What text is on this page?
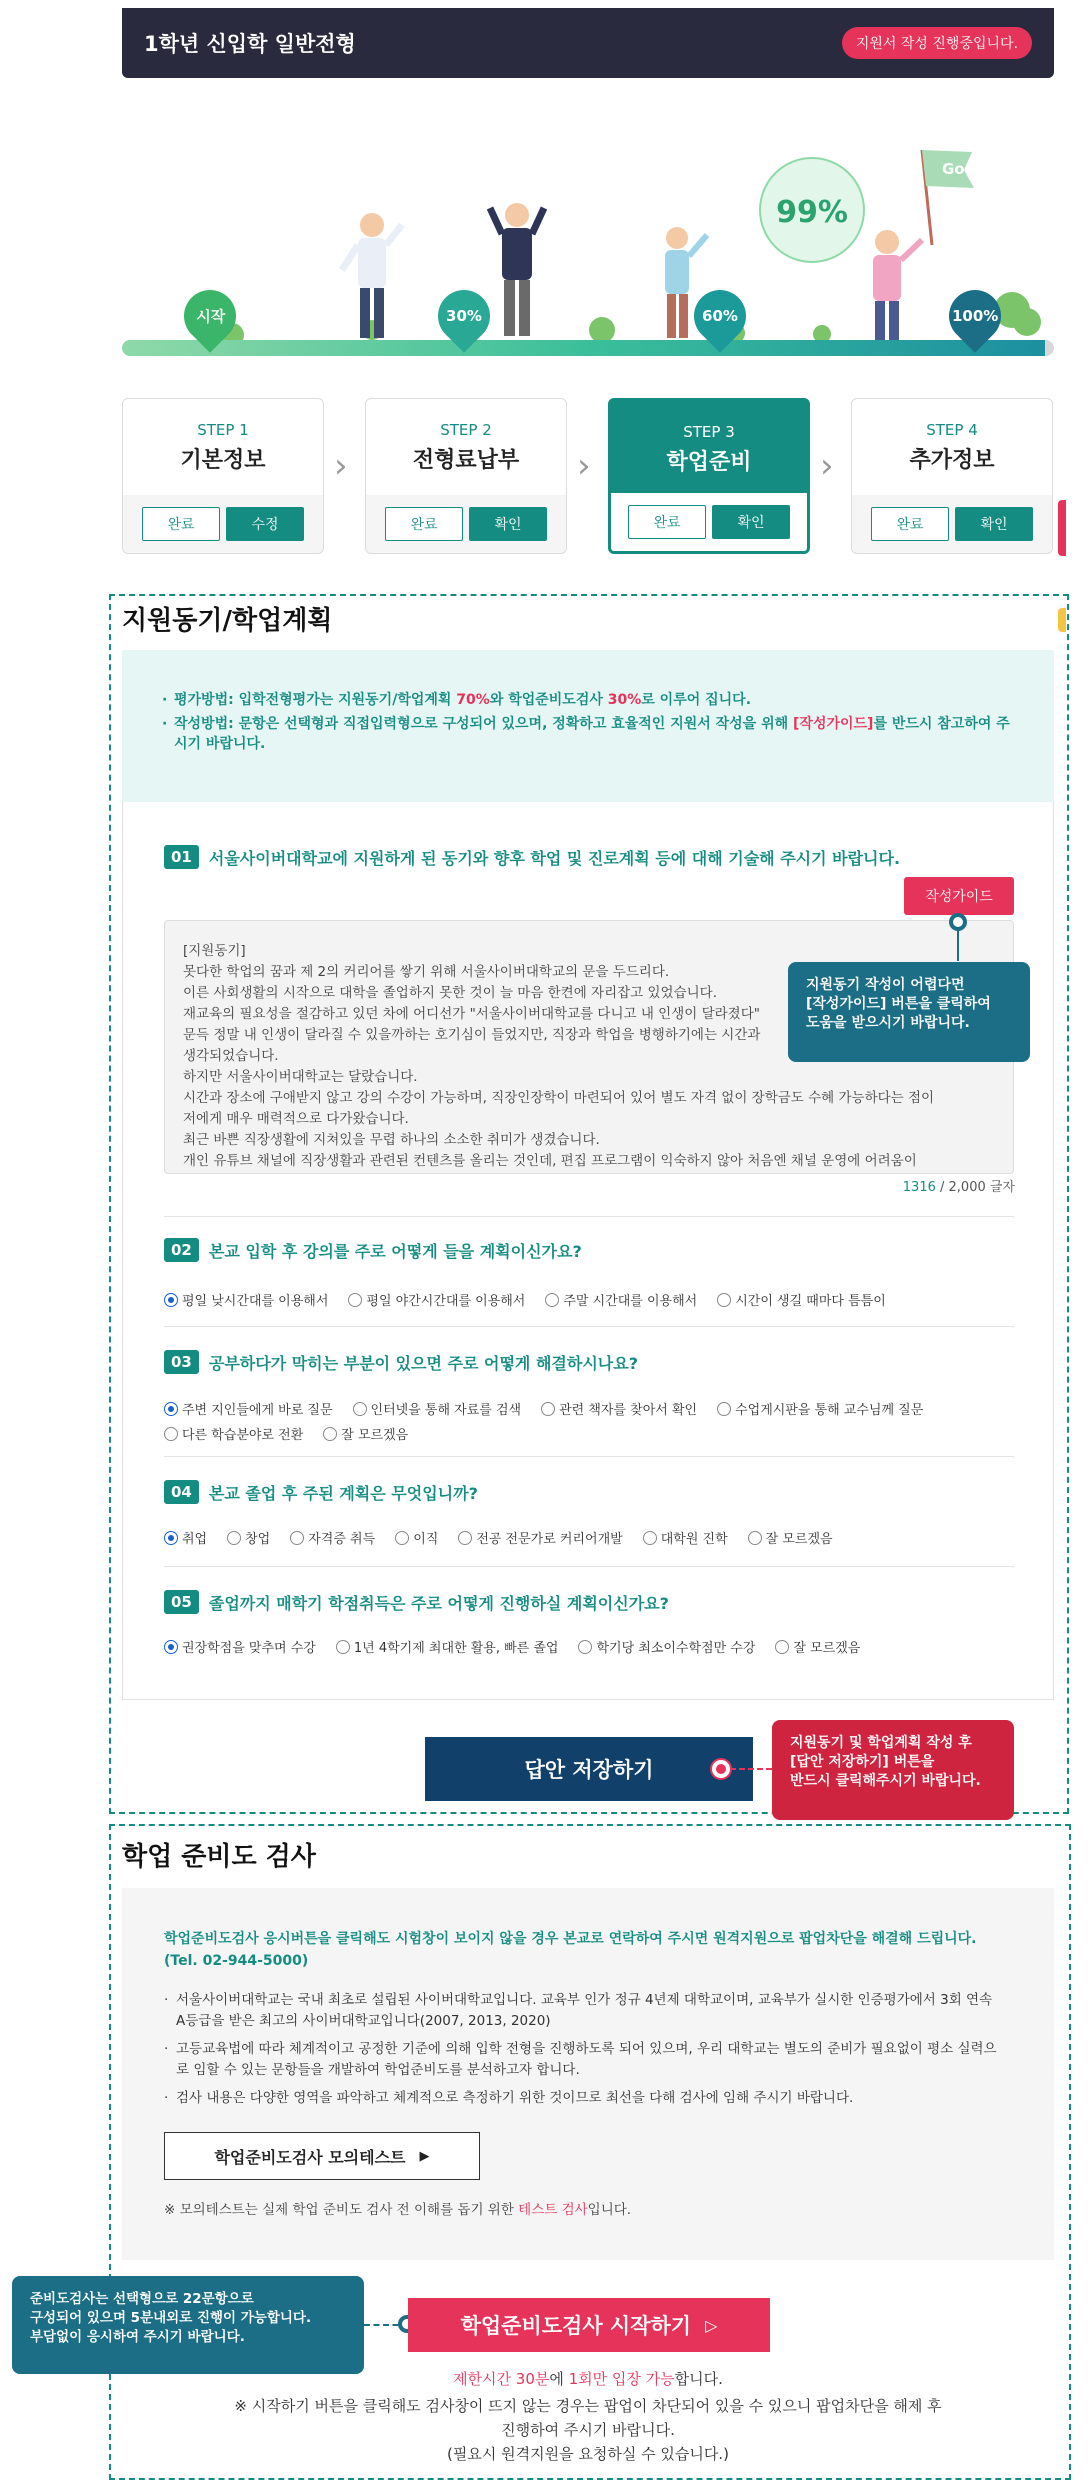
1학년 신입학 일반전형	지원서 작성 진행중입니다.
Go!
99%
시작	30%	60%	100%
STEP 1
기본정보
완료	수정
›
STEP 2
전형료납부
완료	확인
›
STEP 3
학업준비
완료	확인
›
STEP 4
추가정보
완료	확인
지원동기/학업계획
· 평가방법: 입학전형평가는 지원동기/학업계획 70%와 학업준비도검사 30%로 이루어 집니다.
· 작성방법: 문항은 선택형과 직접입력형으로 구성되어 있으며, 정확하고 효율적인 지원서 작성을 위해 [작성가이드]를 반드시 참고하여 주시기 바랍니다.
01	서울사이버대학교에 지원하게 된 동기와 향후 학업 및 진로계획 등에 대해 기술해 주시기 바랍니다.
작성가이드
[지원동기]
못다한 학업의 꿈과 제 2의 커리어를 쌓기 위해 서울사이버대학교의 문을 두드리다.
이른 사회생활의 시작으로 대학을 졸업하지 못한 것이 늘 마음 한켠에 자리잡고 있었습니다.
재교육의 필요성을 절감하고 있던 차에 어디선가 "서울사이버대학교를 다니고 내 인생이 달라졌다"
문득 정말 내 인생이 달라질 수 있을까하는 호기심이 들었지만, 직장과 학업을 병행하기에는 시간과
생각되었습니다.
하지만 서울사이버대학교는 달랐습니다.
시간과 장소에 구애받지 않고 강의 수강이 가능하며, 직장인장학이 마련되어 있어 별도 자격 없이 장학금도 수혜 가능하다는 점이
저에게 매우 매력적으로 다가왔습니다.
최근 바쁜 직장생활에 지쳐있을 무렵 하나의 소소한 취미가 생겼습니다.
개인 유튜브 채널에 직장생활과 관련된 컨텐츠를 올리는 것인데, 편집 프로그램이 익숙하지 않아 처음엔 채널 운영에 어려움이
지원동기 작성이 어렵다면
[작성가이드] 버튼을 클릭하여
도움을 받으시기 바랍니다.
1316 / 2,000 글자
02	본교 입학 후 강의를 주로 어떻게 들을 계획이신가요?
평일 낮시간대를 이용해서	평일 야간시간대를 이용해서	주말 시간대를 이용해서	시간이 생길 때마다 틈틈이
03	공부하다가 막히는 부분이 있으면 주로 어떻게 해결하시나요?
주변 지인들에게 바로 질문	인터넷을 통해 자료를 검색	관련 책자를 찾아서 확인	수업게시판을 통해 교수님께 질문
다른 학습분야로 전환	잘 모르겠음
04	본교 졸업 후 주된 계획은 무엇입니까?
취업	창업	자격증 취득	이직	전공 전문가로 커리어개발	대학원 진학	잘 모르겠음
05	졸업까지 매학기 학점취득은 주로 어떻게 진행하실 계획이신가요?
권장학점을 맞추며 수강	1년 4학기제 최대한 활용, 빠른 졸업	학기당 최소이수학점만 수강	잘 모르겠음
답안 저장하기
지원동기 및 학업계획 작성 후
[답안 저장하기] 버튼을
반드시 클릭해주시기 바랍니다.
학업 준비도 검사
학업준비도검사 응시버튼을 클릭해도 시험창이 보이지 않을 경우 본교로 연락하여 주시면 원격지원으로 팝업차단을 해결해 드립니다. (Tel. 02-944-5000)
· 서울사이버대학교는 국내 최초로 설립된 사이버대학교입니다. 교육부 인가 정규 4년제 대학교이며, 교육부가 실시한 인증평가에서 3회 연속 A등급을 받은 최고의 사이버대학교입니다(2007, 2013, 2020)
· 고등교육법에 따라 체계적이고 공정한 기준에 의해 입학 전형을 진행하도록 되어 있으며, 우리 대학교는 별도의 준비가 필요없이 평소 실력으로 임할 수 있는 문항들을 개발하여 학업준비도를 분석하고자 합니다.
· 검사 내용은 다양한 영역을 파악하고 체계적으로 측정하기 위한 것이므로 최선을 다해 검사에 임해 주시기 바랍니다.
학업준비도검사 모의테스트 ▶
※ 모의테스트는 실제 학업 준비도 검사 전 이해를 돕기 위한 테스트 검사입니다.
준비도검사는 선택형으로 22문항으로
구성되어 있으며 5분내외로 진행이 가능합니다.
부담없이 응시하여 주시기 바랍니다.	학업준비도검사 시작하기 ▷
제한시간 30분에 1회만 입장 가능합니다.
※ 시작하기 버튼을 클릭해도 검사창이 뜨지 않는 경우는 팝업이 차단되어 있을 수 있으니 팝업차단을 해제 후
진행하여 주시기 바랍니다.
(필요시 원격지원을 요청하실 수 있습니다.)
